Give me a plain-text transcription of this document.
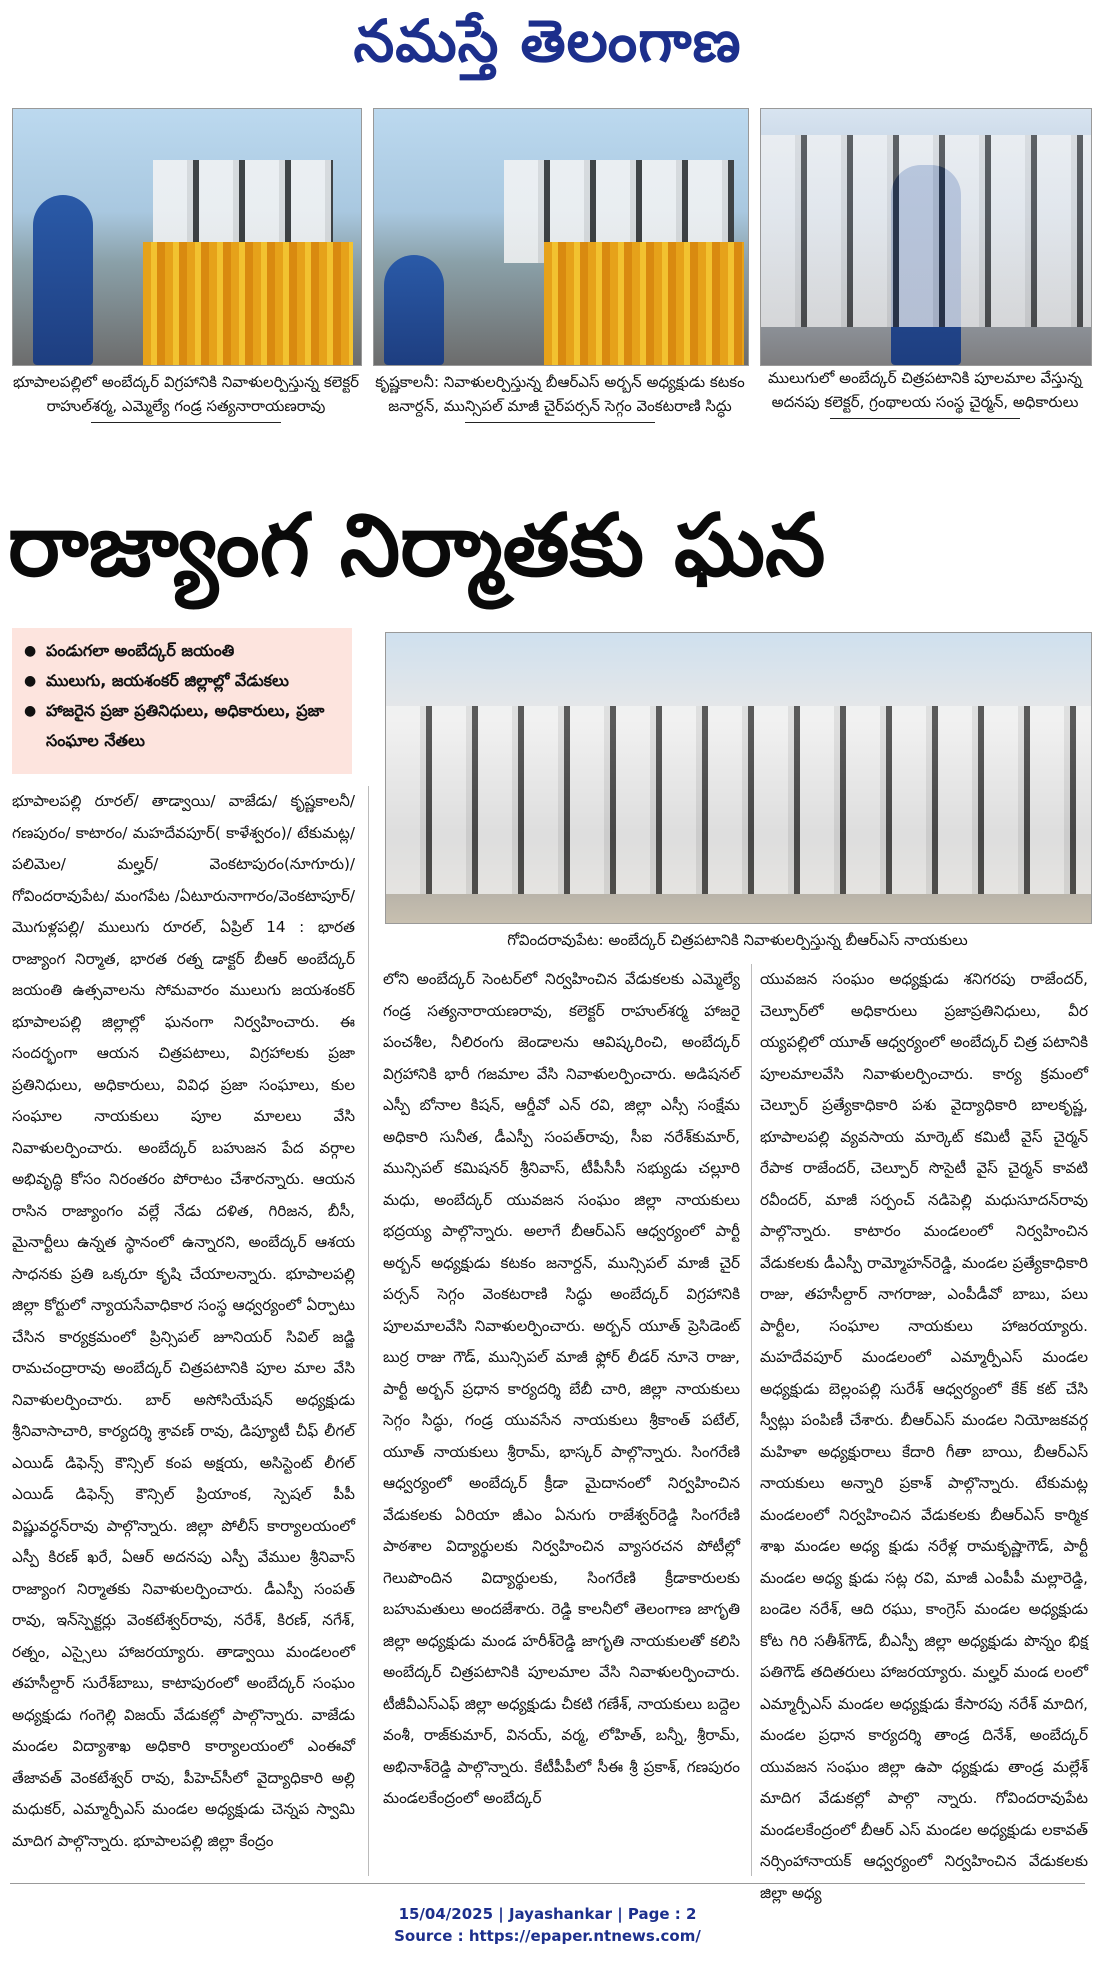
నమస్తే తెలంగాణ
భూపాలపల్లిలో అంబేద్కర్ విగ్రహానికి నివాళులర్పిస్తున్న కలెక్టర్ రాహుల్‌శర్మ, ఎమ్మెల్యే గండ్ర సత్యనారాయణరావు
కృష్ణకాలనీ: నివాళులర్పిస్తున్న బీఆర్‌ఎస్ అర్బన్ అధ్యక్షుడు కటకం జనార్దన్, మున్సిపల్ మాజీ చైర్‌పర్సన్ సెగ్గం వెంకటరాణి సిద్ధు
ములుగులో అంబేద్కర్ చిత్రపటానికి పూలమాల వేస్తున్న అదనపు కలెక్టర్, గ్రంథాలయ సంస్థ చైర్మన్, అధికారులు
రాజ్యాంగ నిర్మాతకు ఘన
● పండుగలా అంబేద్కర్ జయంతి
● ములుగు, జయశంకర్ జిల్లాల్లో వేడుకలు
● హాజరైన ప్రజా ప్రతినిధులు, అధికారులు, ప్రజా సంఘాల నేతలు
గోవిందరావుపేట: అంబేద్కర్ చిత్రపటానికి నివాళులర్పిస్తున్న బీఆర్‌ఎస్ నాయకులు

భూపాలపల్లి రూరల్/ తాడ్వాయి/ వాజేడు/ కృష్ణకాలనీ/ గణపురం/ కాటారం/ మహదేవపూర్( కాళేశ్వరం)/ టేకుమట్ల/ పలిమెల/ మల్హర్/ వెంకటాపురం(నూగూరు)/ గోవిందరావుపేట/ మంగపేట /ఏటూరునాగారం/వెంకటాపూర్/ మొగుళ్లపల్లి/ ములుగు రూరల్, ఏప్రిల్ 14 : భారత రాజ్యాంగ నిర్మాత, భారత రత్న డాక్టర్ బీఆర్ అంబేద్కర్ జయంతి ఉత్సవాలను సోమవారం ములుగు జయశంకర్ భూపాలపల్లి జిల్లాల్లో ఘనంగా నిర్వహించారు. ఈ సందర్భంగా ఆయన చిత్రపటాలు, విగ్రహాలకు ప్రజా ప్రతినిధులు, అధికారులు, వివిధ ప్రజా సంఘాలు, కుల సంఘాల నాయకులు పూల మాలలు వేసి నివాళులర్పించారు. అంబేద్కర్ బహుజన పేద వర్గాల అభివృద్ధి కోసం నిరంతరం పోరాటం చేశారన్నారు. ఆయన రాసిన రాజ్యాంగం వల్లే నేడు దళిత, గిరిజన, బీసీ, మైనార్టీలు ఉన్నత స్థానంలో ఉన్నారని, అంబేద్కర్ ఆశయ సాధనకు ప్రతి ఒక్కరూ కృషి చేయాలన్నారు. భూపాలపల్లి జిల్లా కోర్టులో న్యాయసేవాధికార సంస్థ ఆధ్వర్యంలో ఏర్పాటు చేసిన కార్యక్రమంలో ప్రిన్సిపల్ జూనియర్ సివిల్ జడ్జి రామచంద్రారావు అంబేద్కర్ చిత్రపటానికి పూల మాల వేసి నివాళులర్పించారు. బార్ అసోసియేషన్ అధ్యక్షుడు శ్రీనివాసాచారి, కార్యదర్శి శ్రావణ్ రావు, డిప్యూటీ చీఫ్ లీగల్ ఎయిడ్ డిఫెన్స్ కౌన్సిల్ కంప అక్షయ, అసిస్టెంట్ లీగల్ ఎయిడ్ డిఫెన్స్ కౌన్సిల్ ప్రియాంక, స్పెషల్ పీపీ విష్ణువర్ధన్‌రావు పాల్గొన్నారు. జిల్లా పోలీస్ కార్యాలయంలో ఎస్పీ కిరణ్ ఖరే, ఏఆర్ అదనపు ఎస్పీ వేముల శ్రీనివాస్ రాజ్యాంగ నిర్మాతకు నివాళులర్పించారు. డీఎస్పీ సంపత్ రావు, ఇన్‌స్పెక్టర్లు వెంకటేశ్వర్‌రావు, నరేశ్, కిరణ్, నగేశ్, రత్నం, ఎస్సైలు హాజరయ్యారు. తాడ్వాయి మండలంలో తహసీల్దార్ సురేశ్‌బాబు, కాటాపురంలో అంబేద్కర్ సంఘం అధ్యక్షుడు గంగెల్లి విజయ్ వేడుకల్లో పాల్గొన్నారు. వాజేడు మండల విద్యాశాఖ అధికారి కార్యాలయంలో ఎంఈవో తేజావత్ వెంకటేశ్వర్ రావు, పీహెచ్‌సీలో వైద్యాధికారి అల్లి మధుకర్, ఎమ్మార్పీఎస్ మండల అధ్యక్షుడు చెన్నప స్వామి మాదిగ పాల్గొన్నారు. భూపాలపల్లి జిల్లా కేంద్రం

లోని అంబేద్కర్ సెంటర్‌లో నిర్వహించిన వేడుకలకు ఎమ్మెల్యే గండ్ర సత్యనారాయణరావు, కలెక్టర్ రాహుల్‌శర్మ హాజరై పంచశీల, నీలిరంగు జెండాలను ఆవిష్కరించి, అంబేద్కర్ విగ్రహానికి భారీ గజమాల వేసి నివాళులర్పించారు. అడిషనల్ ఎస్పీ బోనాల కిషన్, ఆర్డీవో ఎన్ రవి, జిల్లా ఎస్సీ సంక్షేమ అధికారి సునీత, డీఎస్పీ సంపత్‌రావు, సీఐ నరేశ్‌కుమార్, మున్సిపల్ కమిషనర్ శ్రీనివాస్, టీపీసీసీ సభ్యుడు చల్లూరి మధు, అంబేద్కర్ యువజన సంఘం జిల్లా నాయకులు భద్రయ్య పాల్గొన్నారు. అలాగే బీఆర్‌ఎస్ ఆధ్వర్యంలో పార్టీ అర్బన్ అధ్యక్షుడు కటకం జనార్దన్, మున్సిపల్ మాజీ చైర్ పర్సన్ సెగ్గం వెంకటరాణి సిద్ధు అంబేద్కర్ విగ్రహానికి పూలమాలవేసి నివాళులర్పించారు. అర్బన్ యూత్ ప్రెసిడెంట్ బుర్ర రాజు గౌడ్, మున్సిపల్ మాజీ ఫ్లోర్ లీడర్ నూనె రాజు, పార్టీ అర్బన్ ప్రధాన కార్యదర్శి బేబీ చారి, జిల్లా నాయకులు సెగ్గం సిద్ధు, గండ్ర యువసేన నాయకులు శ్రీకాంత్ పటేల్, యూత్ నాయకులు శ్రీరామ్, భాస్కర్ పాల్గొన్నారు. సింగరేణి ఆధ్వర్యంలో అంబేద్కర్ క్రీడా మైదానంలో నిర్వహించిన వేడుకలకు ఏరియా జీఎం ఏనుగు రాజేశ్వర్‌రెడ్డి సింగరేణి పాఠశాల విద్యార్థులకు నిర్వహించిన వ్యాసరచన పోటీల్లో గెలుపొందిన విద్యార్థులకు, సింగరేణి క్రీడాకారులకు బహుమతులు అందజేశారు. రెడ్డి కాలనీలో తెలంగాణ జాగృతి జిల్లా అధ్యక్షుడు మండ హరీశ్‌రెడ్డి జాగృతి నాయకులతో కలిసి అంబేద్కర్ చిత్రపటానికి పూలమాల వేసి నివాళులర్పించారు. టీజీవీఎస్‌ఎఫ్ జిల్లా అధ్యక్షుడు చీకటి గణేశ్, నాయకులు బద్దెల వంశీ, రాజ్‌కుమార్, వినయ్, వర్మ, లోహిత్, బన్నీ, శ్రీరామ్, అభినాశ్‌రెడ్డి పాల్గొన్నారు. కేటీపీపీలో సీఈ శ్రీ ప్రకాశ్, గణపురం మండలకేంద్రంలో అంబేద్కర్

యువజన సంఘం అధ్యక్షుడు శనిగరపు రాజేందర్, చెల్పూర్‌లో అధికారులు ప్రజాప్రతినిధులు, వీర య్యపల్లిలో యూత్ ఆధ్వర్యంలో అంబేద్కర్ చిత్ర పటానికి పూలమాలవేసి నివాళులర్పించారు. కార్య క్రమంలో చెల్పూర్ ప్రత్యేకాధికారి పశు వైద్యాధికారి బాలకృష్ణ, భూపాలపల్లి వ్యవసాయ మార్కెట్ కమిటీ వైస్ చైర్మన్ రేపాక రాజేందర్, చెల్పూర్ సొసైటీ వైస్ చైర్మన్ కావటి రవీందర్, మాజీ సర్పంచ్ నడిపెల్లి మధుసూదన్‌రావు పాల్గొన్నారు. కాటారం మండలంలో నిర్వహించిన వేడుకలకు డీఎస్పీ రామ్మోహన్‌రెడ్డి, మండల ప్రత్యేకాధికారి రాజు, తహసీల్దార్ నాగరాజు, ఎంపీడీవో బాబు, పలు పార్టీల, సంఘాల నాయకులు హాజరయ్యారు. మహదేవపూర్ మండలంలో ఎమ్మార్పీఎస్ మండల అధ్యక్షుడు బెల్లంపల్లి సురేశ్ ఆధ్వర్యంలో కేక్ కట్ చేసి స్వీట్లు పంపిణీ చేశారు. బీఆర్‌ఎస్ మండల నియోజకవర్గ మహిళా అధ్యక్షురాలు కేదారి గీతా బాయి, బీఆర్‌ఎస్ నాయకులు అన్నారి ప్రకాశ్ పాల్గొన్నారు. టేకుమట్ల మండలంలో నిర్వహించిన వేడుకలకు బీఆర్‌ఎస్ కార్మిక శాఖ మండల అధ్య క్షుడు నరేళ్ల రామకృష్ణాగౌడ్, పార్టీ మండల అధ్య క్షుడు సట్ల రవి, మాజీ ఎంపీపీ మల్లారెడ్డి, బండెల నరేశ్, ఆది రఘు, కాంగ్రెస్ మండల అధ్యక్షుడు కోట గిరి సతీశ్‌గౌడ్, బీఎస్పీ జిల్లా అధ్యక్షుడు పొన్నం భిక్ష పతిగౌడ్ తదితరులు హాజరయ్యారు. మల్హర్ మండ లంలో ఎమ్మార్పీఎస్ మండల అధ్యక్షుడు కేసారపు నరేశ్ మాదిగ, మండల ప్రధాన కార్యదర్శి తాండ్ర దినేశ్, అంబేద్కర్ యువజన సంఘం జిల్లా ఉపా ధ్యక్షుడు తాండ్ర మల్లేశ్ మాదిగ వేడుకల్లో పాల్గొ న్నారు. గోవిందరావుపేట మండలకేంద్రంలో బీఆర్ ఎస్ మండల అధ్యక్షుడు లకావత్ నర్సింహానాయక్ ఆధ్వర్యంలో నిర్వహించిన వేడుకలకు జిల్లా అధ్య

15/04/2025 | Jayashankar | Page : 2
Source : https://epaper.ntnews.com/
